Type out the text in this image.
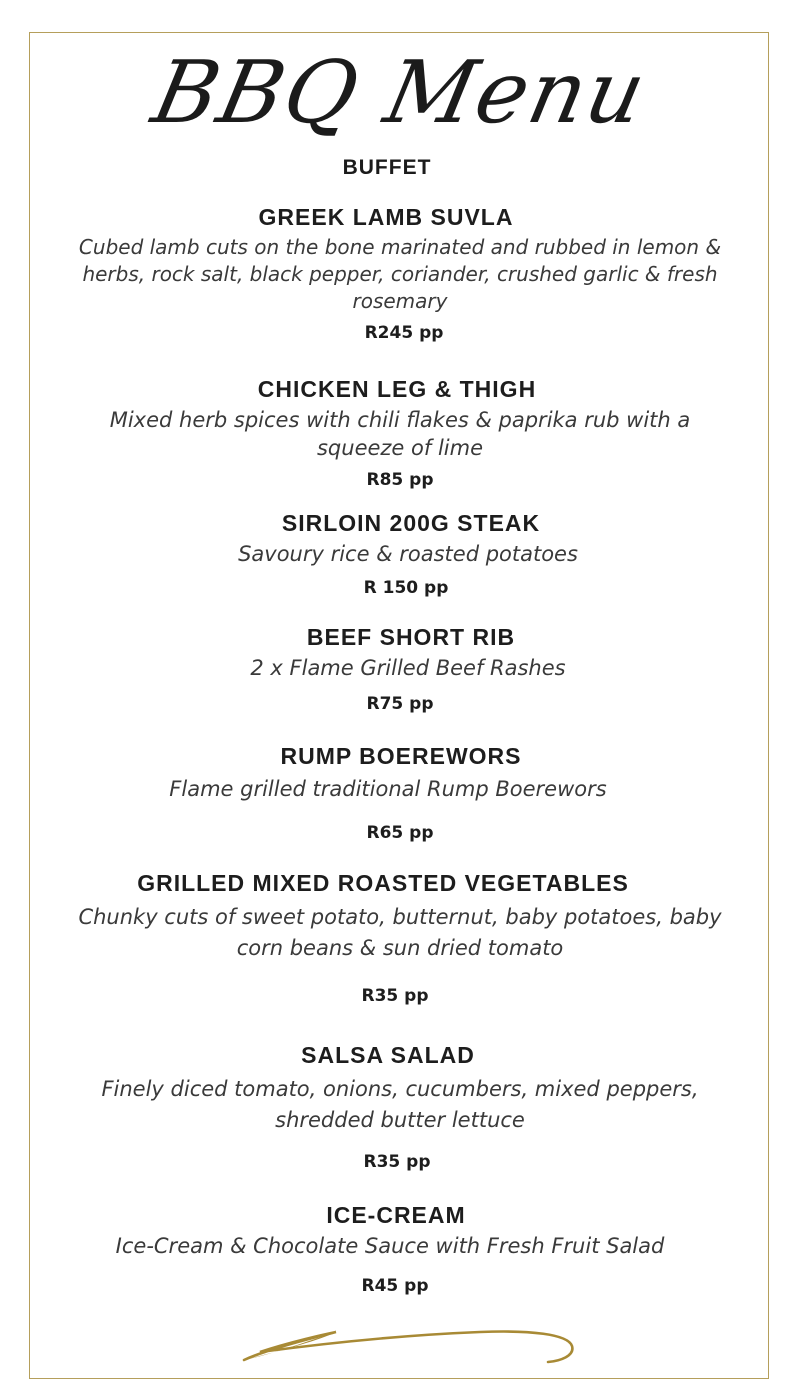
BBQ Menu
BUFFET
GREEK LAMB SUVLA
Cubed lamb cuts on the bone marinated and rubbed in lemon & herbs, rock salt, black pepper, coriander, crushed garlic & fresh rosemary
R245 pp
CHICKEN LEG & THIGH
Mixed herb spices with chili flakes & paprika rub with a squeeze of lime
R85 pp
SIRLOIN 200G STEAK
Savoury rice & roasted potatoes
R 150 pp
BEEF SHORT RIB
2 x Flame Grilled Beef Rashes
R75 pp
RUMP BOEREWORS
Flame grilled traditional Rump Boerewors
R65 pp
GRILLED MIXED ROASTED VEGETABLES
Chunky cuts of sweet potato, butternut, baby potatoes, baby corn beans & sun dried tomato
R35 pp
SALSA SALAD
Finely diced tomato, onions, cucumbers, mixed peppers, shredded butter lettuce
R35 pp
ICE-CREAM
Ice-Cream & Chocolate Sauce with Fresh Fruit Salad
R45 pp
